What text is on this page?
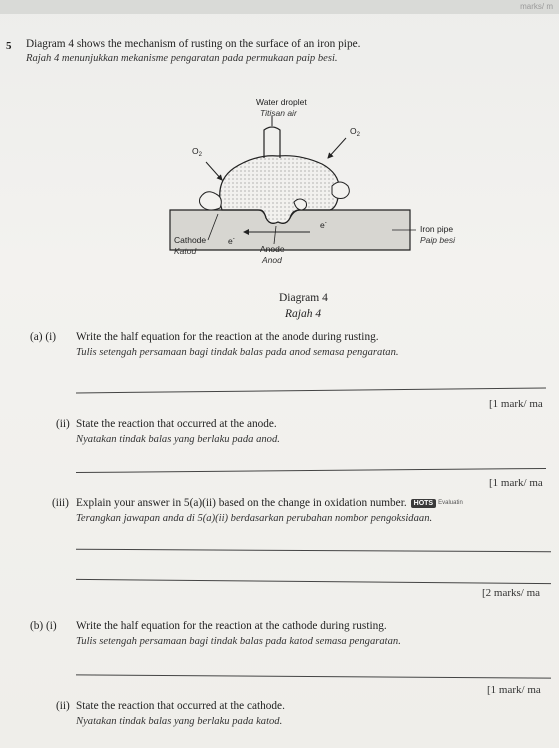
marks/ m
5 Diagram 4 shows the mechanism of rusting on the surface of an iron pipe.
Rajah 4 menunjukkan mekanisme pengaratan pada permukaan paip besi.
Water droplet
Titisan air
$O_2$
$O_2$
e-
e-
Cathode
Katod	Anode
Anod
Iron pipe
Paip besi
Diagram 4
Rajah 4
(a) (i) Write the half equation for the reaction at the anode during rusting.
Tulis setengah persamaan bagi tindak balas pada anod semasa pengaratan.
[1 mark/ ma
(ii) State the reaction that occurred at the anode.
Nyatakan tindak balas yang berlaku pada anod.
[1 mark/ ma
(iii) Explain your answer in 5(a)(ii) based on the change in oxidation number. HOTS Evaluatin
Terangkan jawapan anda di 5(a)(ii) berdasarkan perubahan nombor pengoksidaan.
[2 marks/ ma
(b) (i) Write the half equation for the reaction at the cathode during rusting.
Tulis setengah persamaan bagi tindak balas pada katod semasa pengaratan.
[1 mark/ ma
(ii) State the reaction that occurred at the cathode.
Nyatakan tindak balas yang berlaku pada katod.
